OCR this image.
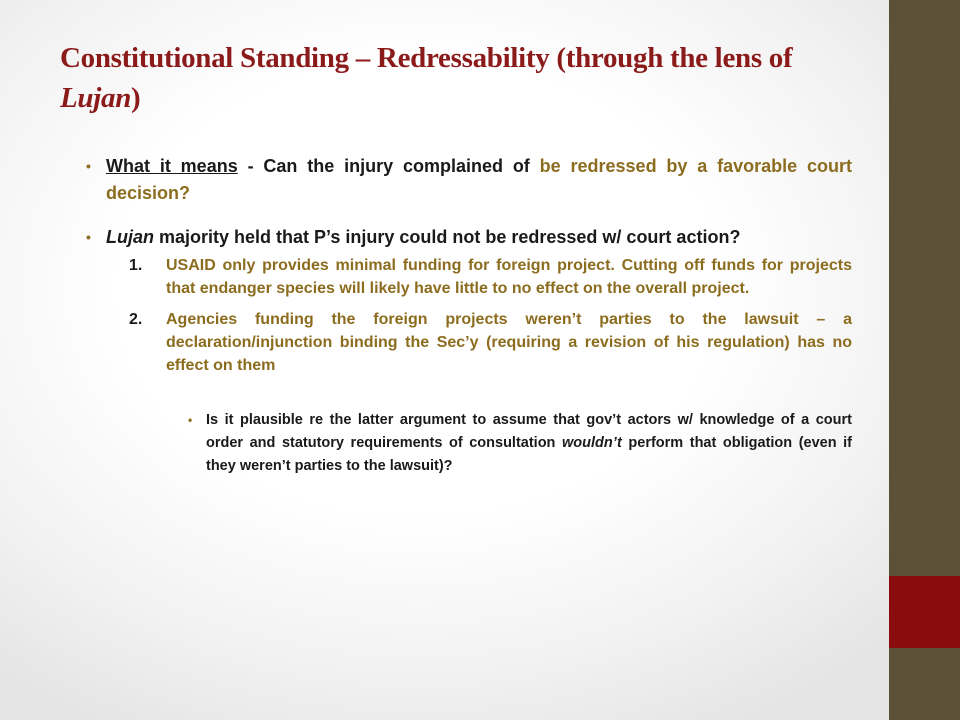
Constitutional Standing – Redressability (through the lens of Lujan)
• What it means - Can the injury complained of be redressed by a favorable court decision?
• Lujan majority held that P’s injury could not be redressed w/ court action?
1. USAID only provides minimal funding for foreign project. Cutting off funds for projects that endanger species will likely have little to no effect on the overall project.
2. Agencies funding the foreign projects weren’t parties to the lawsuit – a declaration/injunction binding the Sec’y (requiring a revision of his regulation) has no effect on them
• Is it plausible re the latter argument to assume that gov’t actors w/ knowledge of a court order and statutory requirements of consultation wouldn’t perform that obligation (even if they weren’t parties to the lawsuit)?
